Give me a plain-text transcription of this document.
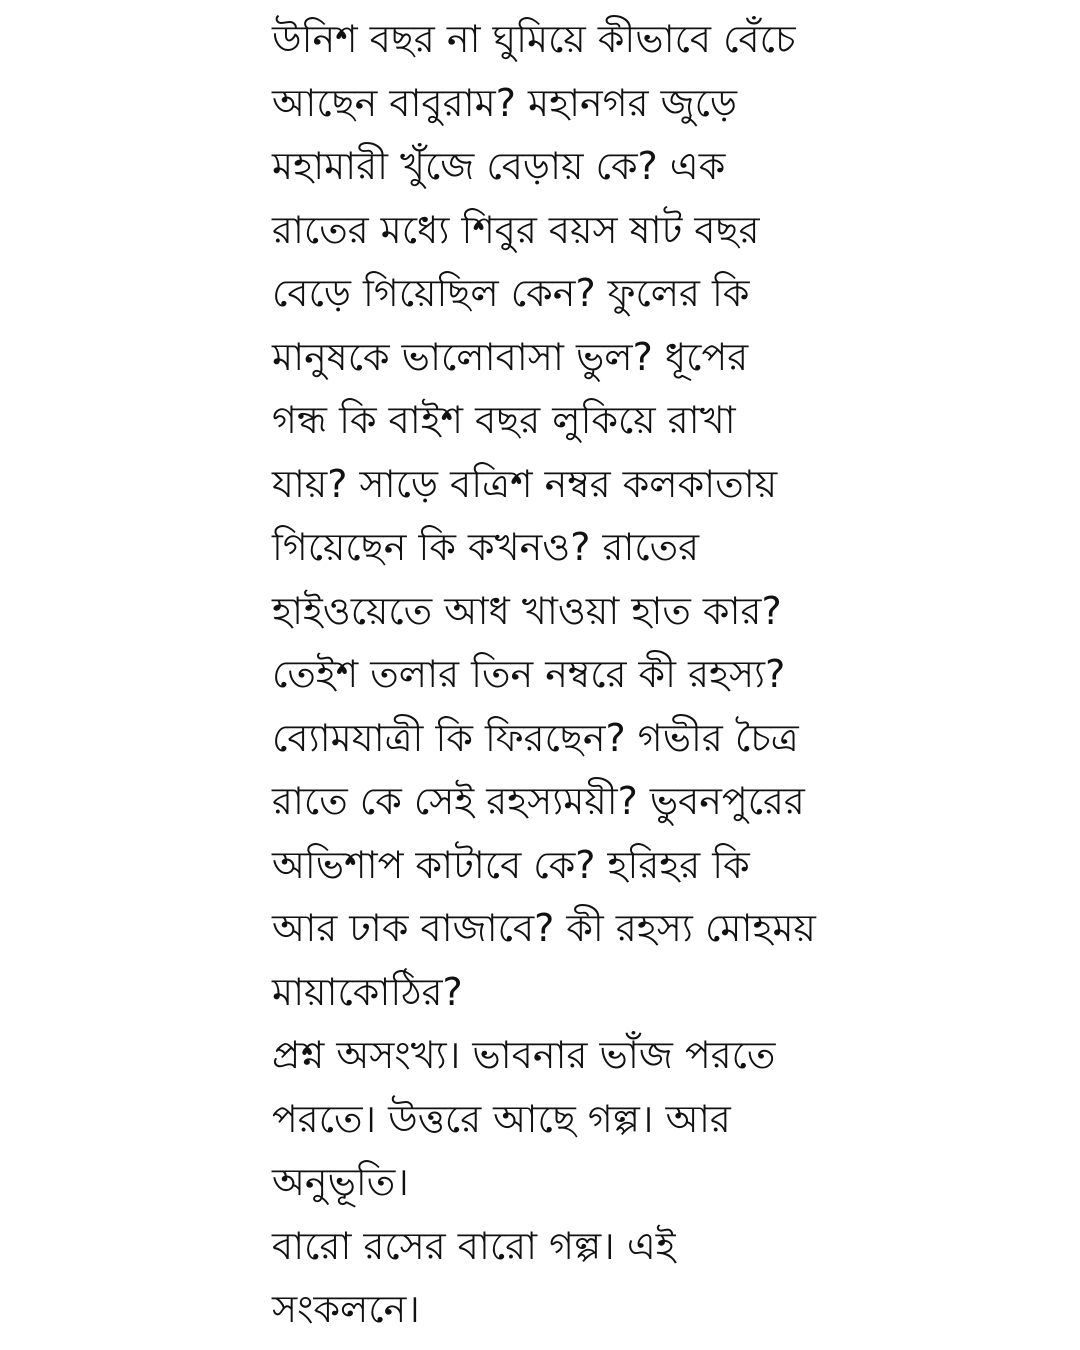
উনিশ বছর না ঘুমিয়ে কীভাবে বেঁচে
আছেন বাবুরাম? মহানগর জুড়ে
মহামারী খুঁজে বেড়ায় কে? এক
রাতের মধ্যে শিবুর বয়স ষাট বছর
বেড়ে গিয়েছিল কেন? ফুলের কি
মানুষকে ভালোবাসা ভুল? ধূপের
গন্ধ কি বাইশ বছর লুকিয়ে রাখা
যায়? সাড়ে বত্রিশ নম্বর কলকাতায়
গিয়েছেন কি কখনও? রাতের
হাইওয়েতে আধ খাওয়া হাত কার?
তেইশ তলার তিন নম্বরে কী রহস্য?
ব্যোমযাত্রী কি ফিরছেন? গভীর চৈত্র
রাতে কে সেই রহস্যময়ী? ভুবনপুরের
অভিশাপ কাটাবে কে? হরিহর কি
আর ঢাক বাজাবে? কী রহস্য মোহময়
মায়াকোঠির?
প্রশ্ন অসংখ্য। ভাবনার ভাঁজ পরতে
পরতে। উত্তরে আছে গল্প। আর
অনুভূতি।
বারো রসের বারো গল্প। এই
সংকলনে।
